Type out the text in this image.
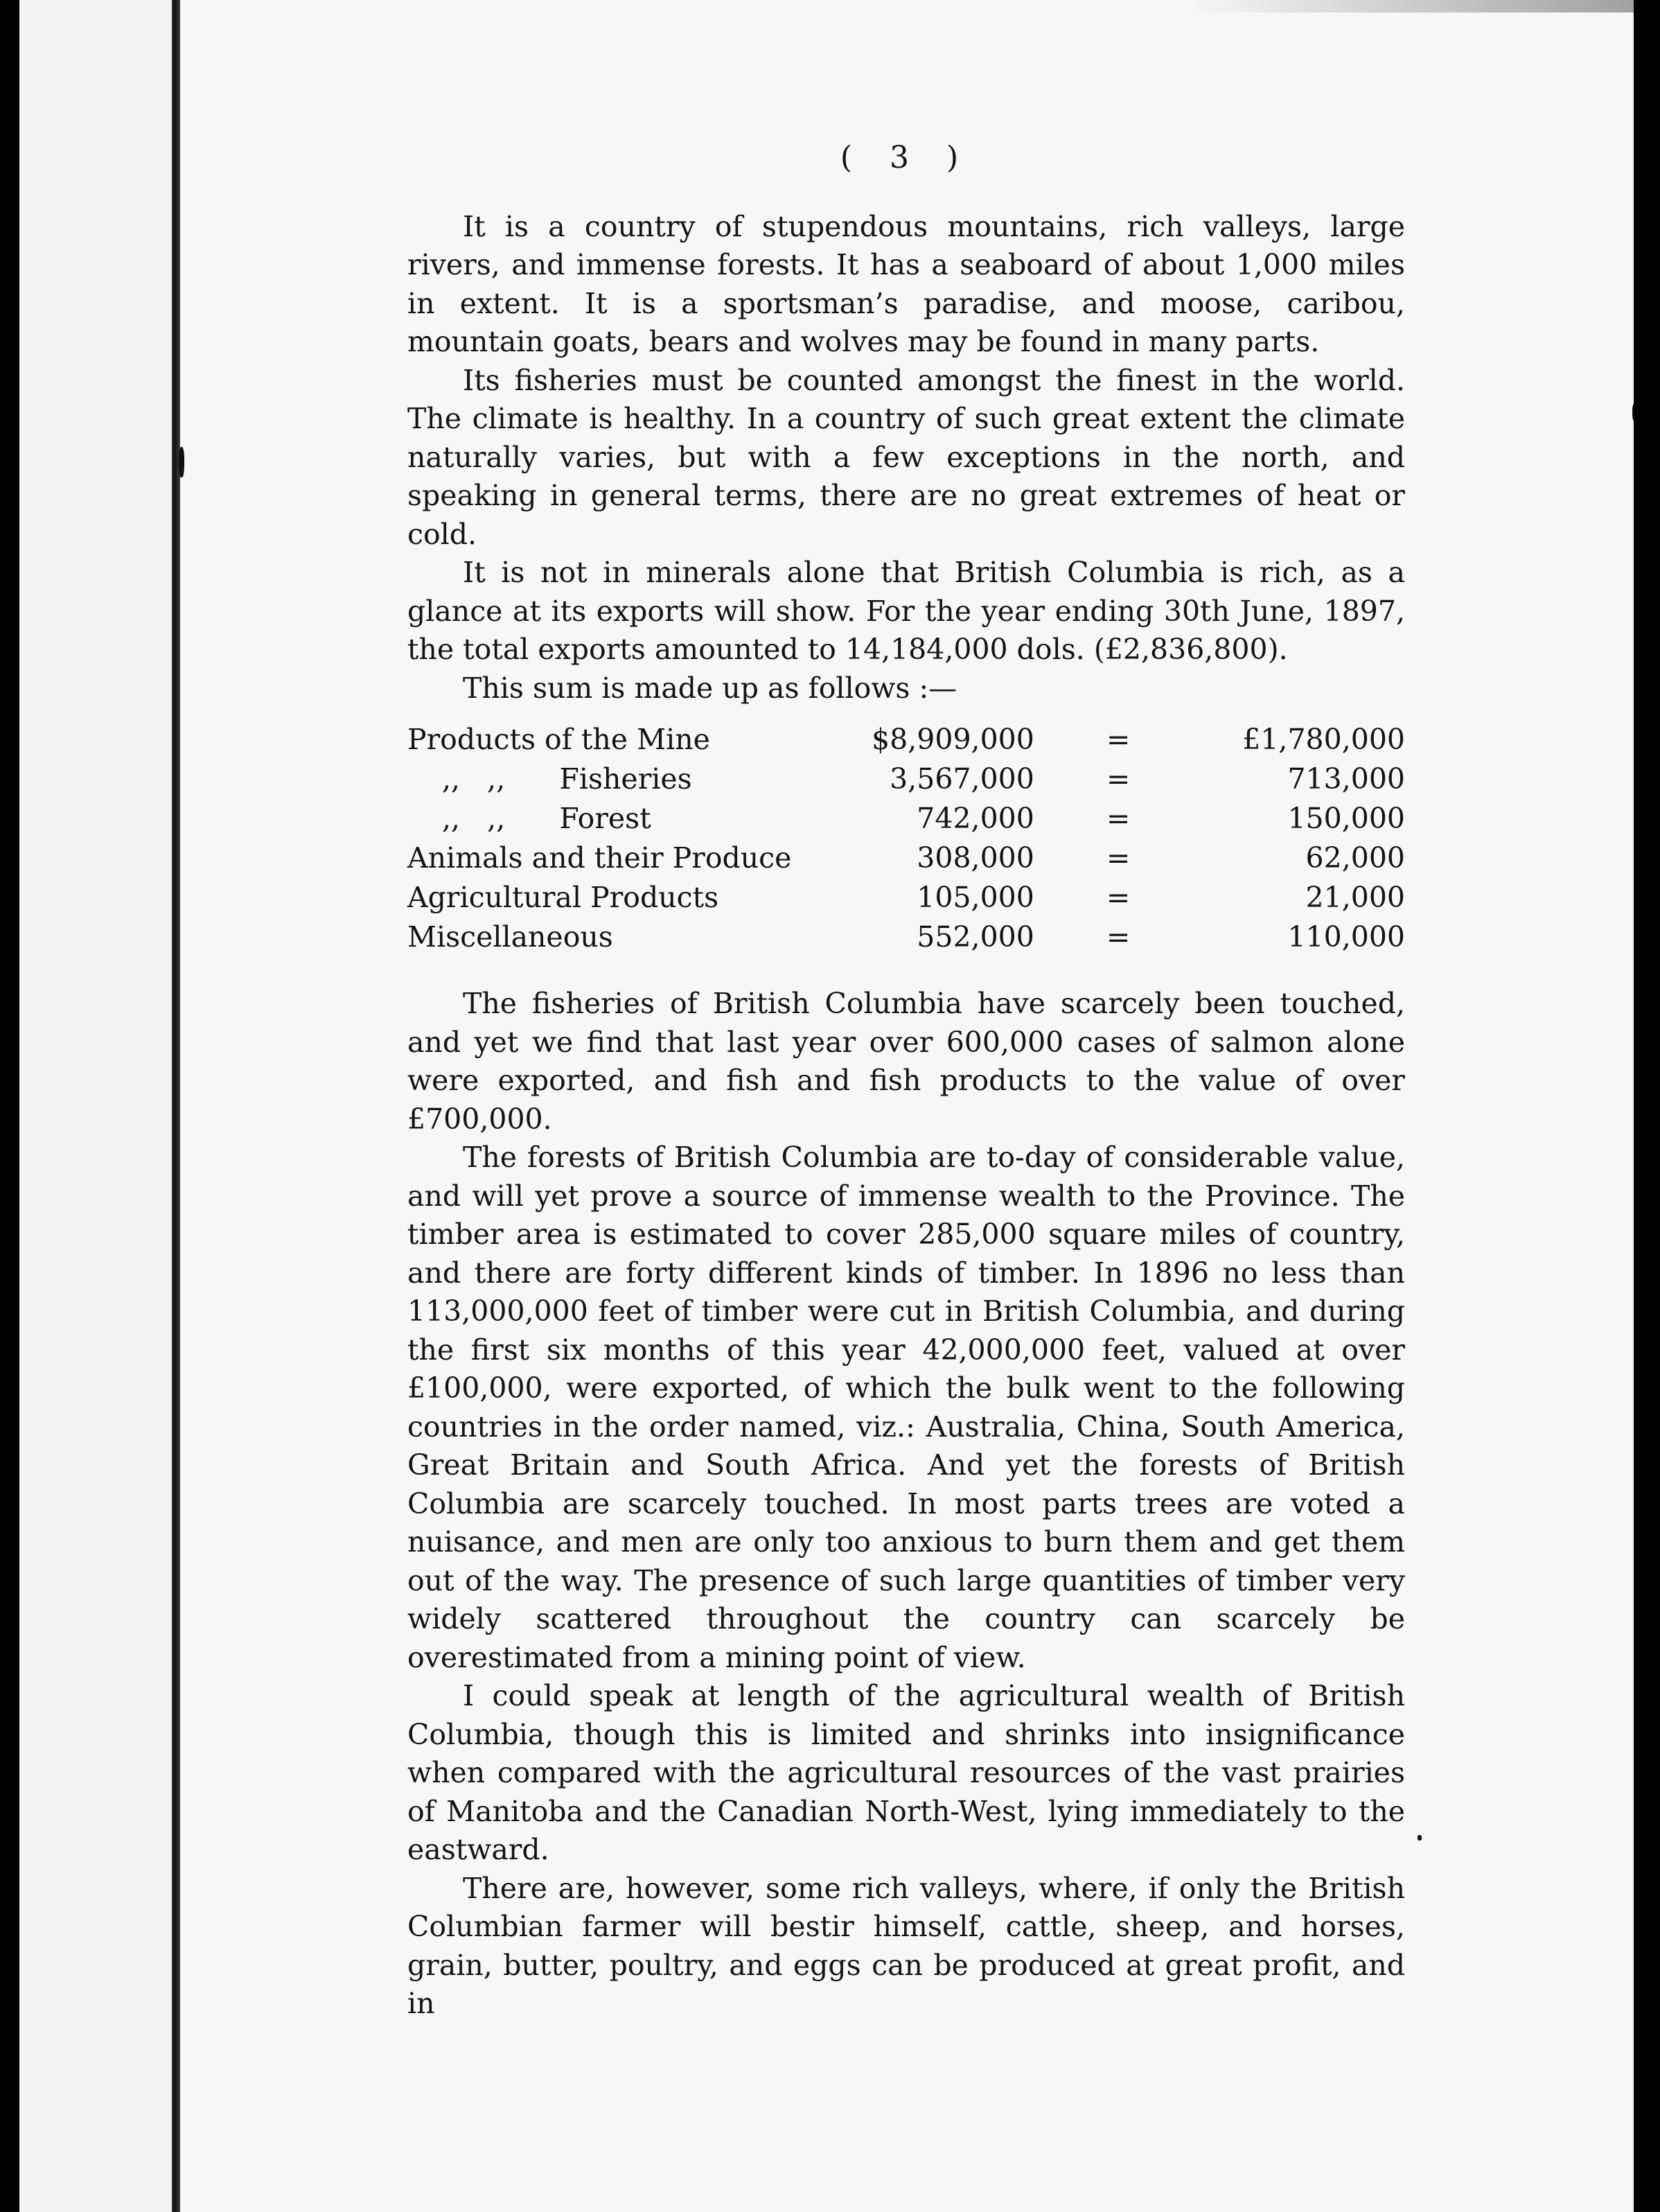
( 3 )

It is a country of stupendous mountains, rich valleys, large rivers, and immense forests. It has a seaboard of about 1,000 miles in extent. It is a sportsman’s paradise, and moose, caribou, mountain goats, bears and wolves may be found in many parts.

Its fisheries must be counted amongst the finest in the world. The climate is healthy. In a country of such great extent the climate naturally varies, but with a few exceptions in the north, and speaking in general terms, there are no great extremes of heat or cold.

It is not in minerals alone that British Columbia is rich, as a glance at its exports will show. For the year ending 30th June, 1897, the total exports amounted to 14,184,000 dols. (£2,836,800).

This sum is made up as follows :—

Products of the Mine	$8,909,000	=	£1,780,000
,,   ,,      Fisheries	3,567,000	=	713,000
,,   ,,      Forest	742,000	=	150,000
Animals and their Produce	308,000	=	62,000
Agricultural Products	105,000	=	21,000
Miscellaneous	552,000	=	110,000

The fisheries of British Columbia have scarcely been touched, and yet we find that last year over 600,000 cases of salmon alone were exported, and fish and fish products to the value of over £700,000.

The forests of British Columbia are to-day of considerable value, and will yet prove a source of immense wealth to the Province. The timber area is estimated to cover 285,000 square miles of country, and there are forty different kinds of timber. In 1896 no less than 113,000,000 feet of timber were cut in British Columbia, and during the first six months of this year 42,000,000 feet, valued at over £100,000, were exported, of which the bulk went to the following countries in the order named, viz.: Australia, China, South America, Great Britain and South Africa. And yet the forests of British Columbia are scarcely touched. In most parts trees are voted a nuisance, and men are only too anxious to burn them and get them out of the way. The presence of such large quantities of timber very widely scattered throughout the country can scarcely be overestimated from a mining point of view.

I could speak at length of the agricultural wealth of British Columbia, though this is limited and shrinks into insignificance when compared with the agricultural resources of the vast prairies of Manitoba and the Canadian North-West, lying immediately to the eastward.

There are, however, some rich valleys, where, if only the British Columbian farmer will bestir himself, cattle, sheep, and horses, grain, butter, poultry, and eggs can be produced at great profit, and in
